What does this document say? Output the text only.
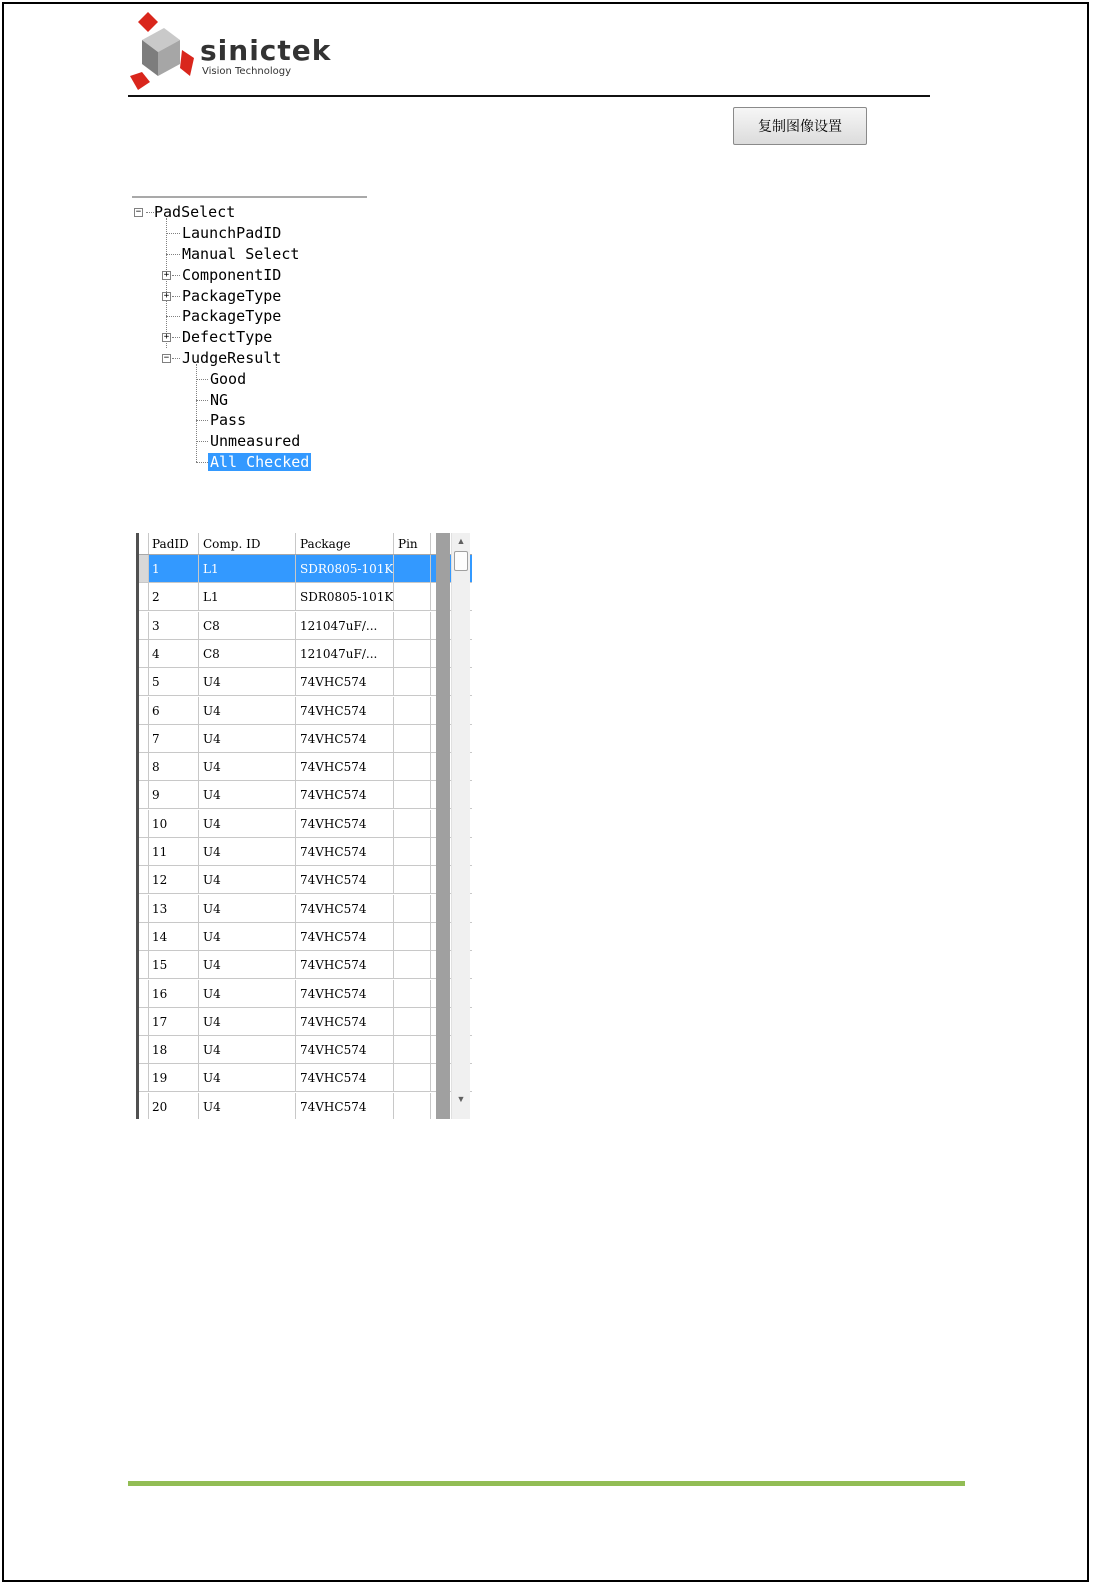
sinictek
Vision Technology
复制图像设置
− PadSelect
LaunchPadID
Manual Select
+ ComponentID
+ PackageType
PackageType
+ DefectType
− JudgeResult
Good
NG
Pass
Unmeasured
All Checked
PadID	Comp. ID	Package	Pin
1	L1	SDR0805-101K
2	L1	SDR0805-101K
3	C8	121047uF/...
4	C8	121047uF/...
5	U4	74VHC574
6	U4	74VHC574
7	U4	74VHC574
8	U4	74VHC574
9	U4	74VHC574
10	U4	74VHC574
11	U4	74VHC574
12	U4	74VHC574
13	U4	74VHC574
14	U4	74VHC574
15	U4	74VHC574
16	U4	74VHC574
17	U4	74VHC574
18	U4	74VHC574
19	U4	74VHC574
20	U4	74VHC574
▲
▼
